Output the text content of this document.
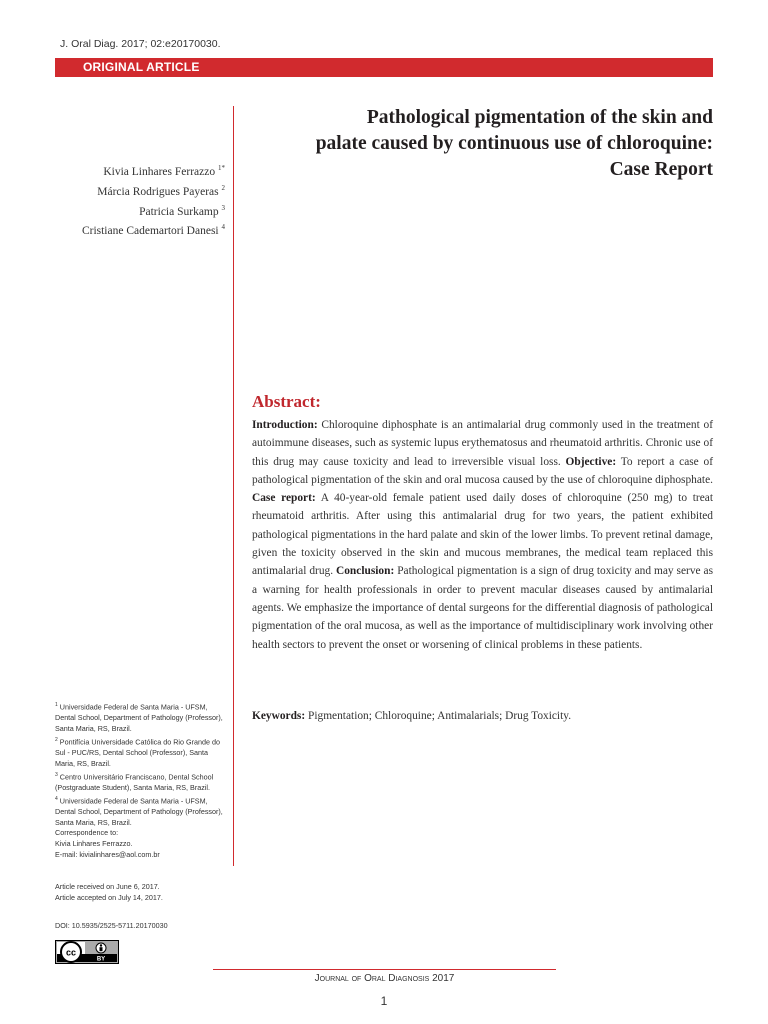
J. Oral Diag. 2017; 02:e20170030.
ORIGINAL ARTICLE
Pathological pigmentation of the skin and
palate caused by continuous use of chloroquine:
Case Report
Kivia Linhares Ferrazzo $^{1*}$
Márcia Rodrigues Payeras $^2$
Patricia Surkamp $^3$
Cristiane Cademartori Danesi $^4$
Abstract:
Introduction: Chloroquine diphosphate is an antimalarial drug commonly used in the treatment of autoimmune diseases, such as systemic lupus erythematosus and rheumatoid arthritis. Chronic use of this drug may cause toxicity and lead to irreversible visual loss. Objective: To report a case of pathological pigmentation of the skin and oral mucosa caused by the use of chloroquine diphosphate. Case report: A 40-year-old female patient used daily doses of chloroquine (250 mg) to treat rheumatoid arthritis. After using this antimalarial drug for two years, the patient exhibited pathological pigmentations in the hard palate and skin of the lower limbs. To prevent retinal damage, given the toxicity observed in the skin and mucous membranes, the medical team replaced this antimalarial drug. Conclusion: Pathological pigmentation is a sign of drug toxicity and may serve as a warning for health professionals in order to prevent macular diseases caused by antimalarial agents. We emphasize the importance of dental surgeons for the differential diagnosis of pathological pigmentation of the oral mucosa, as well as the importance of multidisciplinary work involving other health sectors to prevent the onset or worsening of clinical problems in these patients.
Keywords: Pigmentation; Chloroquine; Antimalarials; Drug Toxicity.
$^1$ Universidade Federal de Santa Maria - UFSM, Dental School, Department of Pathology (Professor), Santa Maria, RS, Brazil.
$^2$ Pontifícia Universidade Católica do Rio Grande do Sul - PUC/RS, Dental School (Professor), Santa Maria, RS, Brazil.
$^3$ Centro Universitário Franciscano, Dental School (Postgraduate Student), Santa Maria, RS, Brazil.
$^4$ Universidade Federal de Santa Maria - UFSM, Dental School, Department of Pathology (Professor), Santa Maria, RS, Brazil.
Correspondence to:
Kivia Linhares Ferrazzo.
E-mail: kivialinhares@aol.com.br
Article received on June 6, 2017.
Article accepted on July 14, 2017.
DOI: 10.5935/2525-5711.20170030
cc
BY
Journal of Oral Diagnosis 2017
1
